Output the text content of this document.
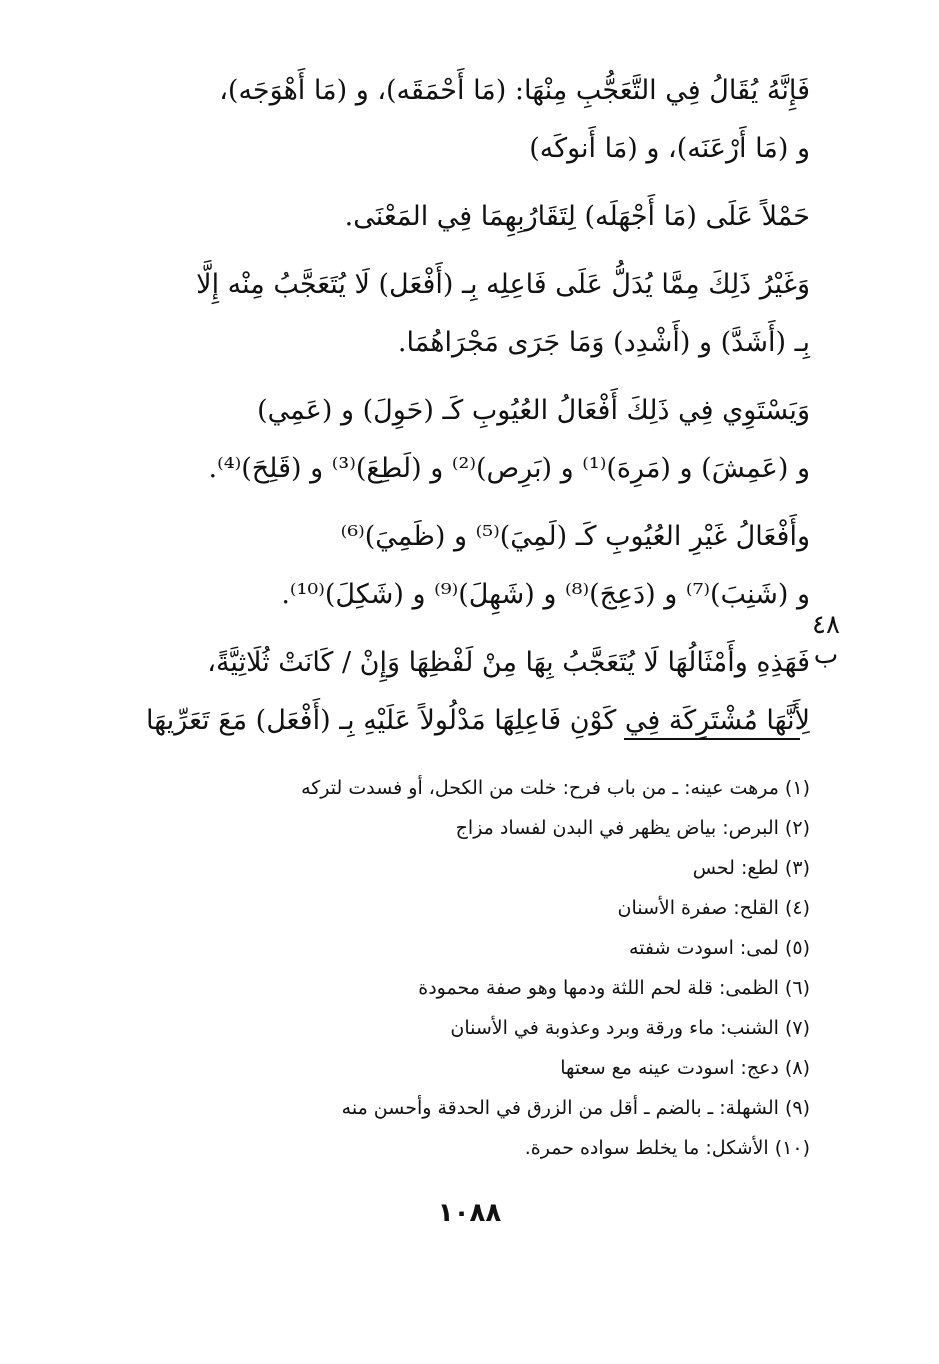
فَإِنَّهُ يُقَالُ فِي التَّعَجُّبِ مِنْهَا: (مَا أَحْمَقَه)، و (مَا أَهْوَجَه)،
و (مَا أَرْعَنَه)، و (مَا أَنوكَه)

حَمْلاً عَلَى (مَا أَجْهَلَه) لِتَقَارُبِهِمَا فِي المَعْنَى.

وَغَيْرُ ذَلِكَ مِمَّا يُدَلُّ عَلَى فَاعِلِه بِـ (أَفْعَل) لَا يُتَعَجَّبُ مِنْه إِلَّا
بِـ (أَشَدَّ) و (أَشْدِد) وَمَا جَرَى مَجْرَاهُمَا.

وَيَسْتَوِي فِي ذَلِكَ أَفْعَالُ العُيُوبِ كَـ (حَوِلَ) و (عَمِي)
و (عَمِشَ) و (مَرِهَ)⁽¹⁾ و (بَرِص)⁽²⁾ و (لَطِعَ)⁽³⁾ و (قَلِحَ)⁽⁴⁾.

وأَفْعَالُ غَيْرِ العُيُوبِ كَـ (لَمِيَ)⁽⁵⁾ و (ظَمِيَ)⁽⁶⁾
و (شَنِبَ)⁽⁷⁾ و (دَعِجَ)⁽⁸⁾ و (شَهِلَ)⁽⁹⁾ و (شَكِلَ)⁽¹⁰⁾.

فَهَذِهِ وأَمْثَالُهَا لَا يُتَعَجَّبُ بِهَا مِنْ لَفْظِهَا وَإِنْ / كَانَتْ ثُلَاثِيَّةً،
لِأَنَّهَا مُشْتَرِكَة فِي كَوْنِ فَاعِلِهَا مَدْلُولاً عَلَيْهِ بِـ (أَفْعَل) مَعَ تَعَرِّيهَا

٤٨
ب
(١) مرهت عينه: ـ من باب فرح: خلت من الكحل، أو فسدت لتركه
(٢) البرص: بياض يظهر في البدن لفساد مزاج
(٣) لطع: لحس
(٤) القلح: صفرة الأسنان
(٥) لمى: اسودت شفته
(٦) الظمى: قلة لحم اللثة ودمها وهو صفة محمودة
(٧) الشنب: ماء ورقة وبرد وعذوبة في الأسنان
(٨) دعج: اسودت عينه مع سعتها
(٩) الشهلة: ـ بالضم ـ أقل من الزرق في الحدقة وأحسن منه
(١٠) الأشكل: ما يخلط سواده حمرة.
١٠٨٨
